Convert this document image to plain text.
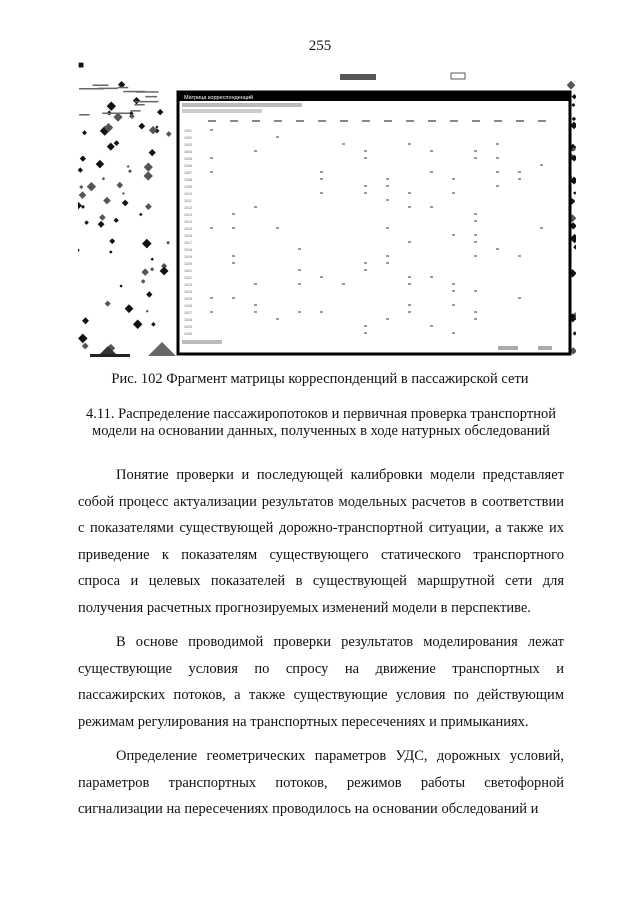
255
■
Матрица корреспонденций
1001
1002
1003
1004
1005
1006
1007
1008
1009
1010
1011
1012
1013
1014
1015
1016
1017
1018
1019
1020
1021
1022
1023
1024
1025
1026
1027
1028
1029
1030
Рис. 102 Фрагмент матрицы корреспонденций в пассажирской сети
4.11. Распределение пассажиропотоков и первичная проверка транспортной модели на основании данных, полученных в ходе натурных обследований

Понятие проверки и последующей калибровки модели представляет собой процесс актуализации результатов модельных расчетов в соответствии с показателями существующей дорожно-транспортной ситуации, а также их приведение к показателям существующего статического транспортного спроса и целевых показателей в существующей маршрутной сети для получения расчетных прогнозируемых изменений модели в перспективе.

В основе проводимой проверки результатов моделирования лежат существующие условия по спросу на движение транспортных и пассажирских потоков, а также существующие условия по действующим режимам регулирования на транспортных пересечениях и примыканиях.

Определение геометрических параметров УДС, дорожных условий, параметров транспортных потоков, режимов работы светофорной сигнализации на пересечениях проводилось на основании обследований и
